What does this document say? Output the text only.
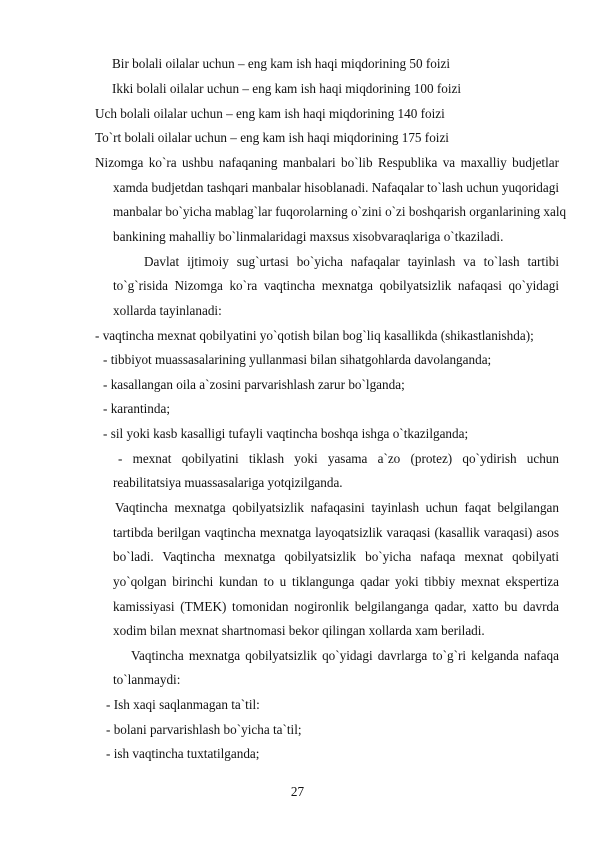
Bir bolali oilalar uchun – eng kam ish haqi miqdorining 50 foizi
Ikki bolali oilalar uchun – eng kam ish haqi miqdorining 100 foizi
Uch bolali oilalar uchun – eng kam ish haqi miqdorining 140 foizi
To`rt bolali oilalar uchun – eng kam ish haqi miqdorining 175 foizi
Nizomga ko`ra ushbu nafaqaning manbalari bo`lib Respublika va maxalliy budjetlar
xamda budjetdan tashqari manbalar hisoblanadi. Nafaqalar to`lash uchun yuqoridagi
manbalar bo`yicha mablag`lar fuqorolarning o`zini o`zi boshqarish organlarining xalq
bankining mahalliy bo`linmalaridagi maxsus xisobvaraqlariga o`tkaziladi.
Davlat ijtimoiy sug`urtasi bo`yicha nafaqalar tayinlash va to`lash tartibi
to`g`risida Nizomga ko`ra vaqtincha mexnatga qobilyatsizlik nafaqasi qo`yidagi
xollarda tayinlanadi:
- vaqtincha mexnat qobilyatini yo`qotish bilan bog`liq kasallikda (shikastlanishda);
- tibbiyot muassasalarining yullanmasi bilan sihatgohlarda davolanganda;
- kasallangan oila a`zosini parvarishlash zarur bo`lganda;
- karantinda;
- sil yoki kasb kasalligi tufayli vaqtincha boshqa ishga o`tkazilganda;
- mexnat qobilyatini tiklash yoki yasama a`zo (protez) qo`ydirish uchun
reabilitatsiya muassasalariga yotqizilganda.
Vaqtincha mexnatga qobilyatsizlik nafaqasini tayinlash uchun faqat belgilangan
tartibda berilgan vaqtincha mexnatga layoqatsizlik varaqasi (kasallik varaqasi) asos
bo`ladi. Vaqtincha mexnatga qobilyatsizlik bo`yicha nafaqa mexnat qobilyati
yo`qolgan birinchi kundan to u tiklangunga qadar yoki tibbiy mexnat ekspertiza
kamissiyasi (TMEK) tomonidan nogironlik belgilanganga qadar, xatto bu davrda
xodim bilan mexnat shartnomasi bekor qilingan xollarda xam beriladi.
Vaqtincha mexnatga qobilyatsizlik qo`yidagi davrlarga to`g`ri kelganda nafaqa
to`lanmaydi:
- Ish xaqi saqlanmagan ta`til:
- bolani parvarishlash bo`yicha ta`til;
- ish vaqtincha tuxtatilganda;
27
